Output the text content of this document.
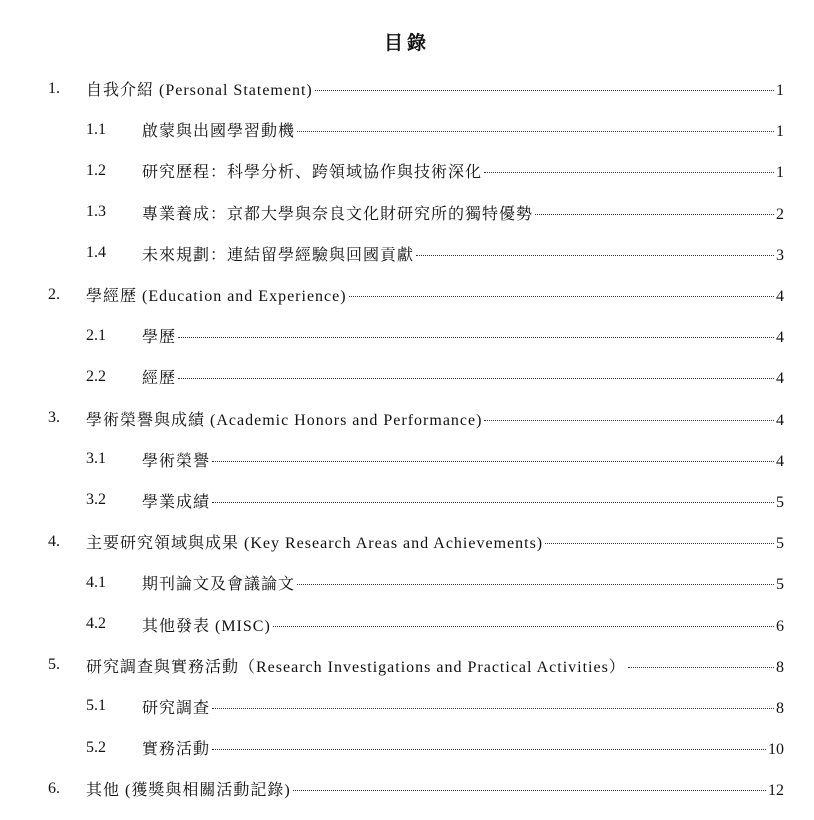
目錄
1.	自我介紹 (Personal Statement)	1
1.1	啟蒙與出國學習動機	1
1.2	研究歷程：科學分析、跨領域協作與技術深化	1
1.3	專業養成：京都大學與奈良文化財研究所的獨特優勢	2
1.4	未來規劃：連結留學經驗與回國貢獻	3
2.	學經歷 (Education and Experience)	4
2.1	學歷	4
2.2	經歷	4
3.	學術榮譽與成績 (Academic Honors and Performance)	4
3.1	學術榮譽	4
3.2	學業成績	5
4.	主要研究領域與成果 (Key Research Areas and Achievements)	5
4.1	期刊論文及會議論文	5
4.2	其他發表 (MISC)	6
5.	研究調查與實務活動（Research Investigations and Practical Activities）	8
5.1	研究調查	8
5.2	實務活動	10
6.	其他 (獲獎與相關活動記錄)	12
